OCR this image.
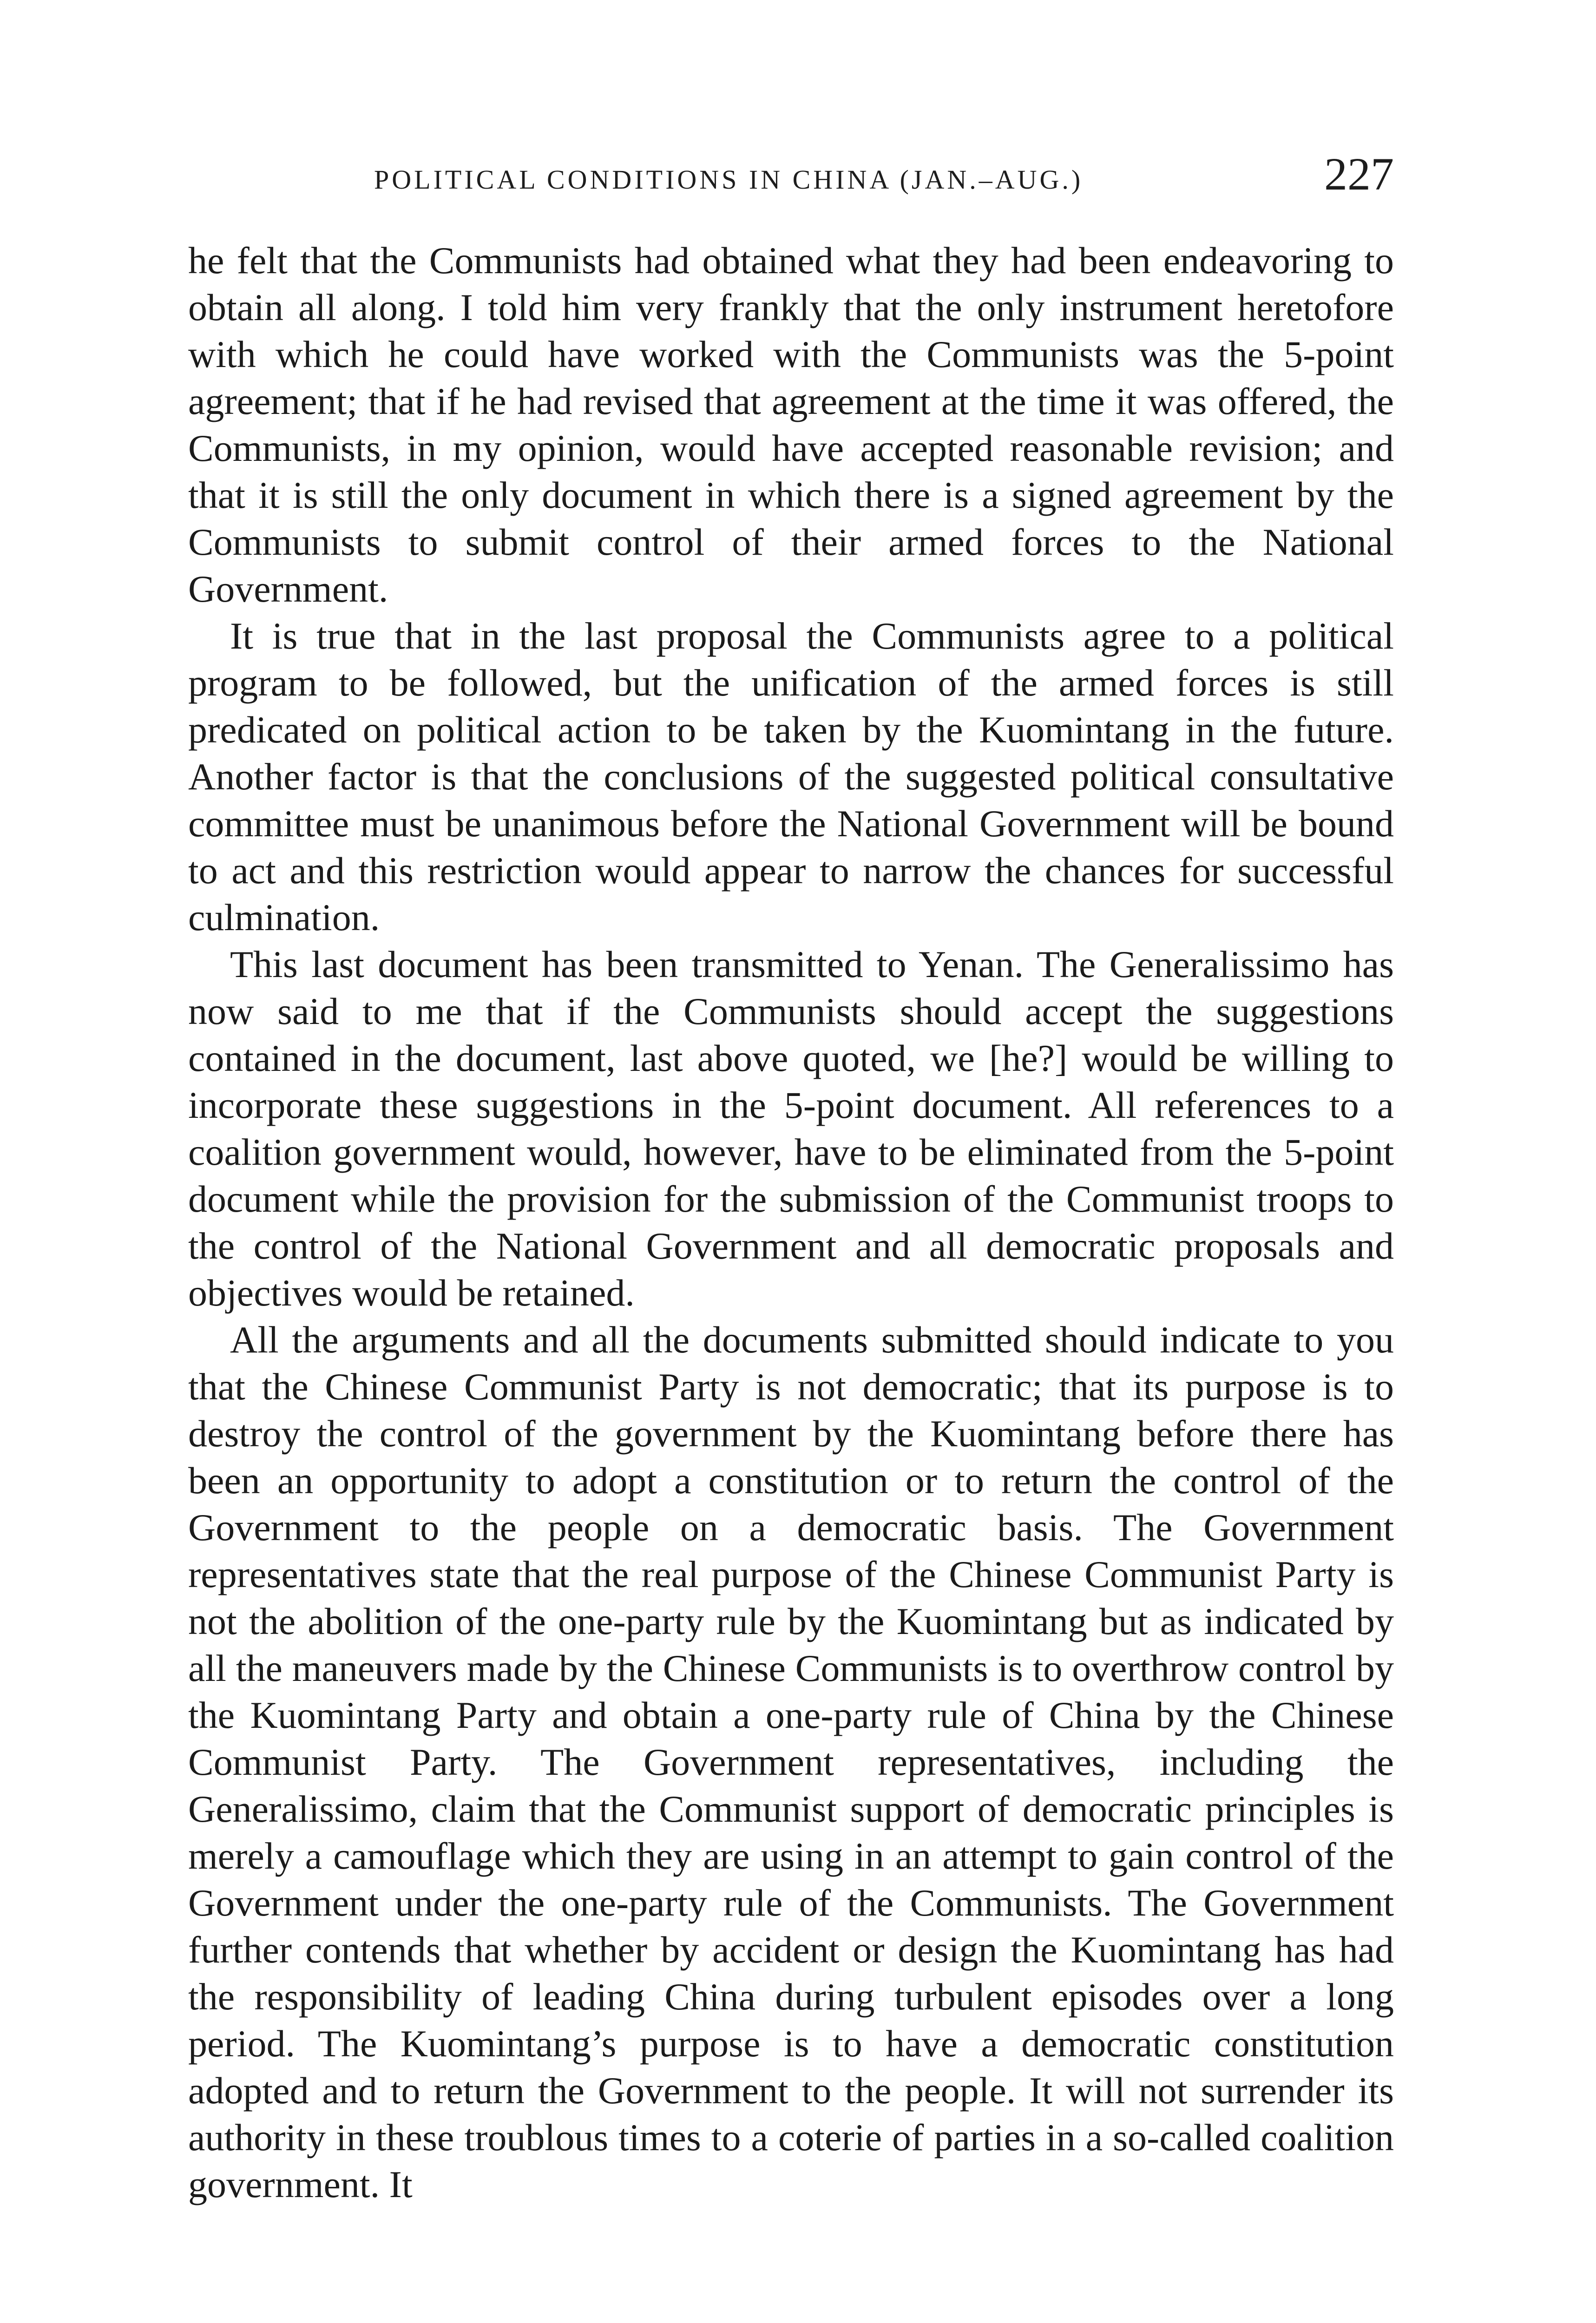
POLITICAL CONDITIONS IN CHINA (JAN.–AUG.)	227

he felt that the Communists had obtained what they had been endeavoring to obtain all along. I told him very frankly that the only instrument heretofore with which he could have worked with the Communists was the 5-point agreement; that if he had revised that agreement at the time it was offered, the Communists, in my opinion, would have accepted reasonable revision; and that it is still the only document in which there is a signed agreement by the Communists to submit control of their armed forces to the National Government.

It is true that in the last proposal the Communists agree to a political program to be followed, but the unification of the armed forces is still predicated on political action to be taken by the Kuomintang in the future. Another factor is that the conclusions of the suggested political consultative committee must be unanimous before the National Government will be bound to act and this restriction would appear to narrow the chances for successful culmination.

This last document has been transmitted to Yenan. The Generalissimo has now said to me that if the Communists should accept the suggestions contained in the document, last above quoted, we [he?] would be willing to incorporate these suggestions in the 5-point document. All references to a coalition government would, however, have to be eliminated from the 5-point document while the provision for the submission of the Communist troops to the control of the National Government and all democratic proposals and objectives would be retained.

All the arguments and all the documents submitted should indicate to you that the Chinese Communist Party is not democratic; that its purpose is to destroy the control of the government by the Kuomintang before there has been an opportunity to adopt a constitution or to return the control of the Government to the people on a democratic basis. The Government representatives state that the real purpose of the Chinese Communist Party is not the abolition of the one-party rule by the Kuomintang but as indicated by all the maneuvers made by the Chinese Communists is to overthrow control by the Kuomintang Party and obtain a one-party rule of China by the Chinese Communist Party. The Government representatives, including the Generalissimo, claim that the Communist support of democratic principles is merely a camouflage which they are using in an attempt to gain control of the Government under the one-party rule of the Communists. The Government further contends that whether by accident or design the Kuomintang has had the responsibility of leading China during turbulent episodes over a long period. The Kuomintang’s purpose is to have a democratic constitution adopted and to return the Government to the people. It will not surrender its authority in these troublous times to a coterie of parties in a so-called coalition government. It
